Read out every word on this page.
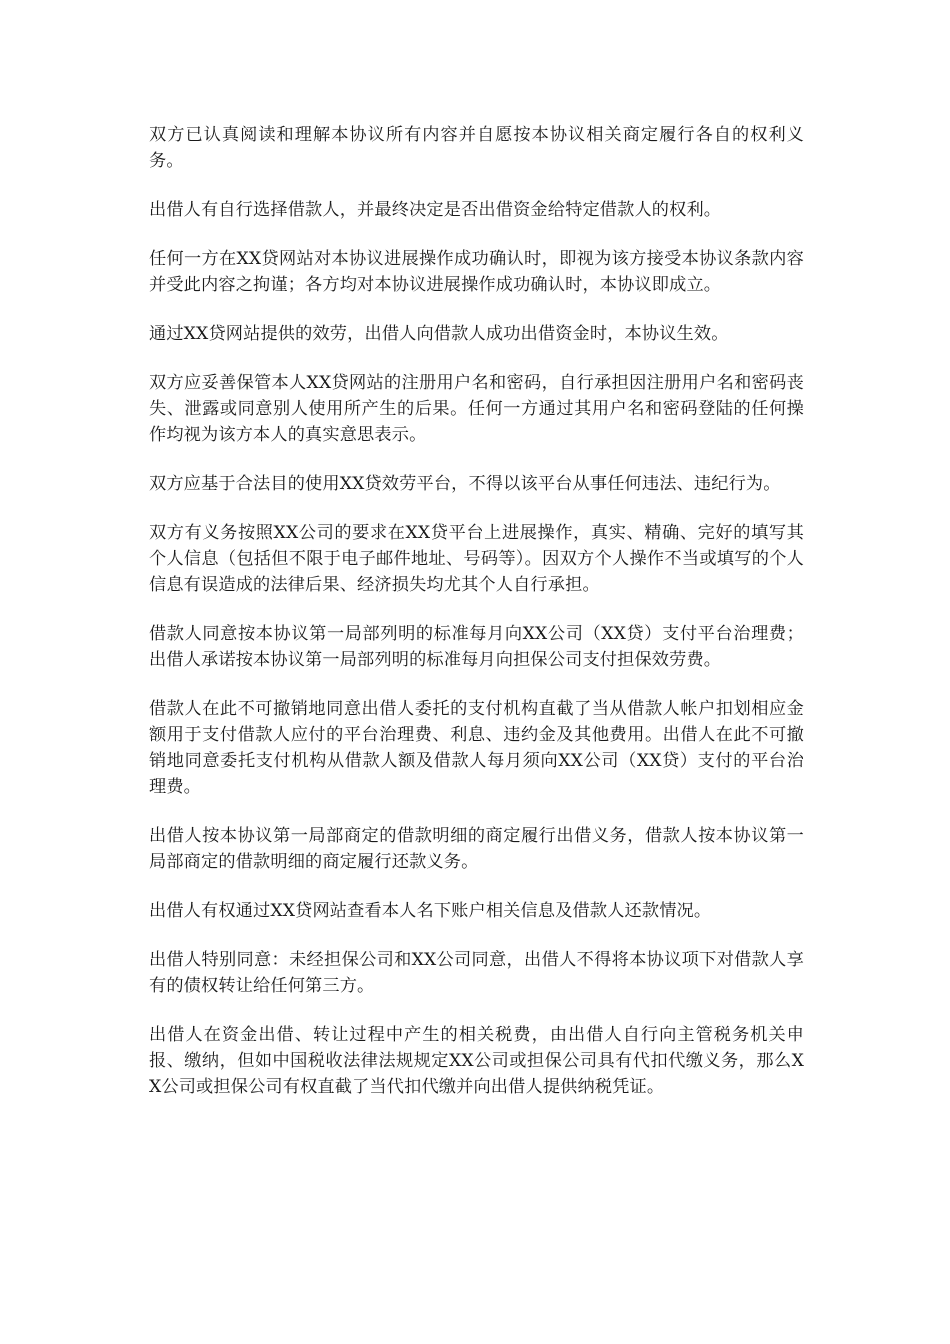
双方已认真阅读和理解本协议所有内容并自愿按本协议相关商定履行各自的权利义务。

出借人有自行选择借款人，并最终决定是否出借资金给特定借款人的权利。

任何一方在XX贷网站对本协议进展操作成功确认时，即视为该方接受本协议条款内容并受此内容之拘谨；各方均对本协议进展操作成功确认时，本协议即成立。

通过XX贷网站提供的效劳，出借人向借款人成功出借资金时，本协议生效。

双方应妥善保管本人XX贷网站的注册用户名和密码，自行承担因注册用户名和密码丧失、泄露或同意别人使用所产生的后果。任何一方通过其用户名和密码登陆的任何操作均视为该方本人的真实意思表示。

双方应基于合法目的使用XX贷效劳平台，不得以该平台从事任何违法、违纪行为。

双方有义务按照XX公司的要求在XX贷平台上进展操作，真实、精确、完好的填写其个人信息（包括但不限于电子邮件地址、号码等）。因双方个人操作不当或填写的个人信息有误造成的法律后果、经济损失均尤其个人自行承担。

借款人同意按本协议第一局部列明的标准每月向XX公司（XX贷）支付平台治理费；出借人承诺按本协议第一局部列明的标准每月向担保公司支付担保效劳费。

借款人在此不可撤销地同意出借人委托的支付机构直截了当从借款人帐户扣划相应金额用于支付借款人应付的平台治理费、利息、违约金及其他费用。出借人在此不可撤销地同意委托支付机构从借款人额及借款人每月须向XX公司（XX贷）支付的平台治理费。

出借人按本协议第一局部商定的借款明细的商定履行出借义务，借款人按本协议第一局部商定的借款明细的商定履行还款义务。

出借人有权通过XX贷网站查看本人名下账户相关信息及借款人还款情况。

出借人特别同意：未经担保公司和XX公司同意，出借人不得将本协议项下对借款人享有的债权转让给任何第三方。

出借人在资金出借、转让过程中产生的相关税费，由出借人自行向主管税务机关申报、缴纳，但如中国税收法律法规规定XX公司或担保公司具有代扣代缴义务，那么XX公司或担保公司有权直截了当代扣代缴并向出借人提供纳税凭证。
